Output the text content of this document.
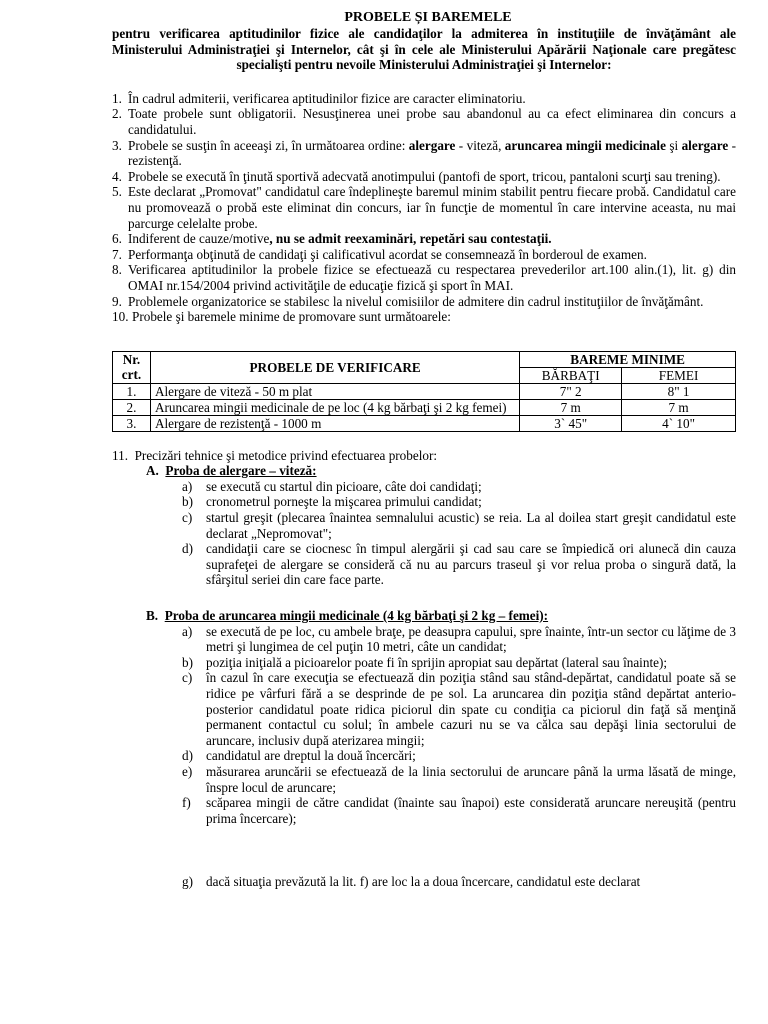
PROBELE ȘI BAREMELE

pentru verificarea aptitudinilor fizice ale candidaţilor la admiterea în instituţiile de învăţământ ale Ministerului Administraţiei şi Internelor, cât şi în cele ale Ministerului Apărării Naţionale care pregătesc specialişti pentru nevoile Ministerului Administraţiei şi Internelor:

1. În cadrul admiterii, verificarea aptitudinilor fizice are caracter eliminatoriu.
2. Toate probele sunt obligatorii. Nesusţinerea unei probe sau abandonul au ca efect eliminarea din concurs a candidatului.
3. Probele se susţin în aceeaşi zi, în următoarea ordine: alergare - viteză, aruncarea mingii medicinale şi alergare - rezistenţă.
4. Probele se execută în ţinută sportivă adecvată anotimpului (pantofi de sport, tricou, pantaloni scurţi sau trening).
5. Este declarat „Promovat" candidatul care îndeplineşte baremul minim stabilit pentru fiecare probă. Candidatul care nu promovează o probă este eliminat din concurs, iar în funcţie de momentul în care intervine aceasta, nu mai parcurge celelalte probe.
6. Indiferent de cauze/motive, nu se admit reexaminări, repetări sau contestaţii.
7. Performanţa obţinută de candidaţi şi calificativul acordat se consemnează în borderoul de examen.
8. Verificarea aptitudinilor la probele fizice se efectuează cu respectarea prevederilor art.100 alin.(1), lit. g) din OMAI nr.154/2004 privind activităţile de educaţie fizică şi sport în MAI.
9. Problemele organizatorice se stabilesc la nivelul comisiilor de admitere din cadrul instituţiilor de învăţământ.
10. Probele şi baremele minime de promovare sunt următoarele:
Nr. crt.	PROBELE DE VERIFICARE	BAREME MINIME	
		BĂRBAŢI	FEMEI
1.	Alergare de viteză - 50 m plat	7" 2	8" 1
2.	Aruncarea mingii medicinale de pe loc (4 kg bărbaţi şi 2 kg femei)	7 m	7 m
3.	Alergare de rezistenţă - 1000 m	3` 45"	4` 10"
11. Precizări tehnice şi metodice privind efectuarea probelor:
A. Proba de alergare – viteză:
a) se execută cu startul din picioare, câte doi candidaţi;
b) cronometrul porneşte la mişcarea primului candidat;
c) startul greşit (plecarea înaintea semnalului acustic) se reia. La al doilea start greşit candidatul este declarat „Nepromovat";
d) candidaţii care se ciocnesc în timpul alergării şi cad sau care se împiedică ori alunecă din cauza suprafeţei de alergare se consideră că nu au parcurs traseul şi vor relua proba o singură dată, la sfârşitul seriei din care face parte.
B. Proba de aruncarea mingii medicinale (4 kg bărbaţi şi 2 kg – femei):
a) se execută de pe loc, cu ambele braţe, pe deasupra capului, spre înainte, într-un sector cu lăţime de 3 metri şi lungimea de cel puţin 10 metri, câte un candidat;
b) poziţia iniţială a picioarelor poate fi în sprijin apropiat sau depărtat (lateral sau înainte);
c) în cazul în care execuţia se efectuează din poziţia stând sau stând-depărtat, candidatul poate să se ridice pe vârfuri fără a se desprinde de pe sol. La aruncarea din poziţia stând depărtat anterio-posterior candidatul poate ridica piciorul din spate cu condiţia ca piciorul din faţă să menţină permanent contactul cu solul; în ambele cazuri nu se va călca sau depăşi linia sectorului de aruncare, inclusiv după aterizarea mingii;
d) candidatul are dreptul la două încercări;
e) măsurarea aruncării se efectuează de la linia sectorului de aruncare până la urma lăsată de minge, înspre locul de aruncare;
f) scăparea mingii de către candidat (înainte sau înapoi) este considerată aruncare nereuşită (pentru prima încercare);
g) dacă situaţia prevăzută la lit. f) are loc la a doua încercare, candidatul este declarat
